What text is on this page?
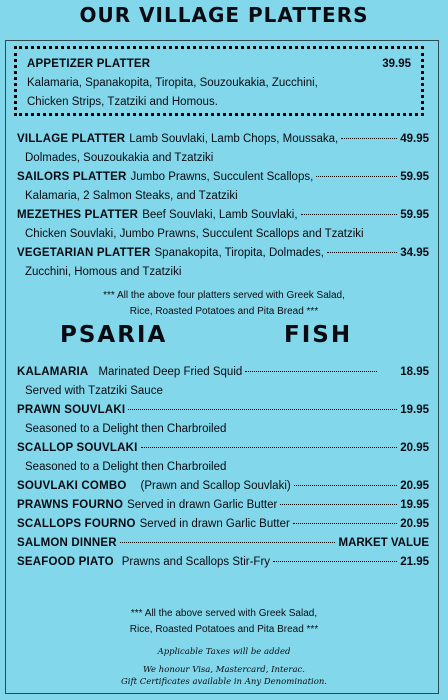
OUR VILLAGE PLATTERS
APPETIZER PLATTER	39.95
Kalamaria, Spanakopita, Tiropita, Souzoukakia, Zucchini,
Chicken Strips, Tzatziki and Homous.
VILLAGE PLATTER Lamb Souvlaki, Lamb Chops, Moussaka,	49.95
Dolmades, Souzoukakia and Tzatziki
SAILORS PLATTER Jumbo Prawns, Succulent Scallops,	59.95
Kalamaria, 2 Salmon Steaks, and Tzatziki
MEZETHES PLATTER Beef Souvlaki, Lamb Souvlaki,	59.95
Chicken Souvlaki, Jumbo Prawns, Succulent Scallops and Tzatziki
VEGETARIAN PLATTER Spanakopita, Tiropita, Dolmades,	34.95
Zucchini, Homous and Tzatziki
*** All the above four platters served with Greek Salad,
Rice, Roasted Potatoes and Pita Bread ***
PSARIA	FISH
KALAMARIA Marinated Deep Fried Squid	18.95
Served with Tzatziki Sauce
PRAWN SOUVLAKI	19.95
Seasoned to a Delight then Charbroiled
SCALLOP SOUVLAKI	20.95
Seasoned to a Delight then Charbroiled
SOUVLAKI COMBO (Prawn and Scallop Souvlaki)	20.95
PRAWNS FOURNO Served in drawn Garlic Butter	19.95
SCALLOPS FOURNO Served in drawn Garlic Butter	20.95
SALMON DINNER	MARKET VALUE
SEAFOOD PIATO Prawns and Scallops Stir-Fry	21.95
*** All the above served with Greek Salad,
Rice, Roasted Potatoes and Pita Bread ***
Applicable Taxes will be added
We honour Visa, Mastercard, Interac.
Gift Certificates available in Any Denomination.
